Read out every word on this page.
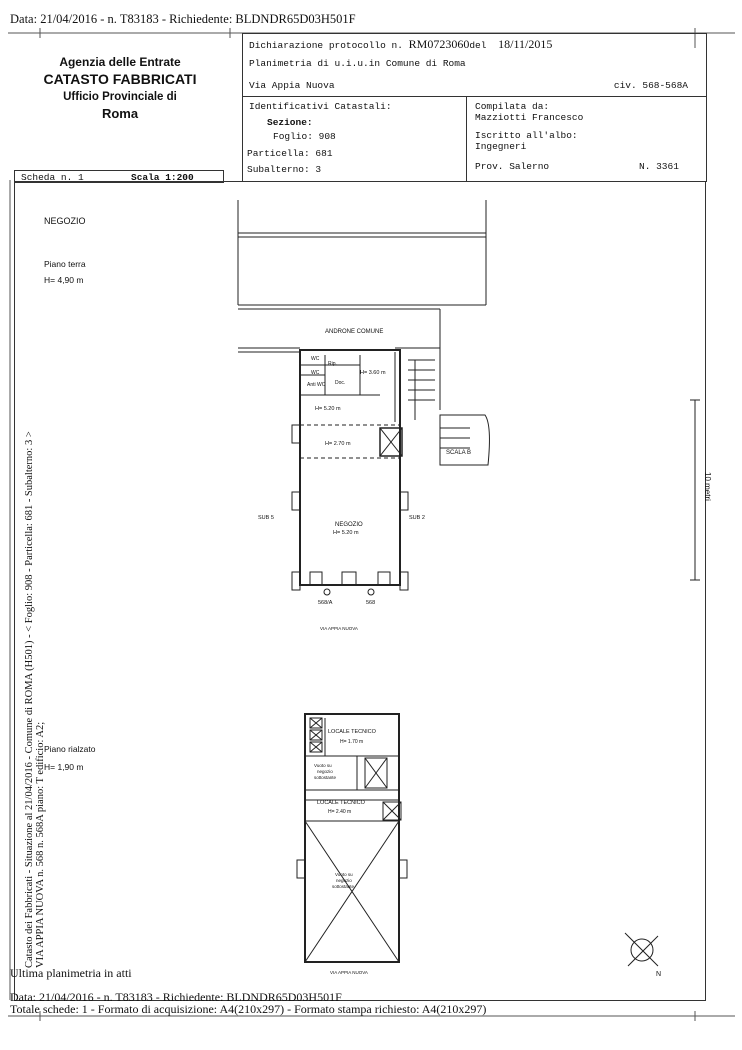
Data: 21/04/2016 - n. T83183 - Richiedente: BLDNDR65D03H501F
Agenzia delle Entrate
CATASTO FABBRICATI
Ufficio Provinciale di
Roma
Dichiarazione protocollo n. RM0723060del 18/11/2015
Planimetria di u.i.u.in Comune di Roma
Via Appia Nuova	civ. 568-568A
Identificativi Catastali:
Sezione:
Foglio: 908
Particella: 681
Subalterno: 3
Compilata da:
Mazziotti Francesco
Iscritto all'albo:
Ingegneri
Prov. Salerno	N. 3361
Scheda n. 1	Scala 1:200
NEGOZIO
Piano terra
H= 4,90 m
Piano rialzato
H= 1,90 m
ANDRONE COMUNE
WC
Rip.
WC
Doc.
Anti WC
H= 3.60 m
H= 5.20 m
H= 2.70 m
SCALA B
SUB 5	SUB 2
NEGOZIO
H= 5.20 m
568/A	568
VIA APPIA NUOVA
LOCALE TECNICO
H= 1.70 m
Vuoto su
negozio
sottostante
LOCALE TECNICO
H= 2.40 m
Vuoto su
negozio
sottostante
VIA APPIA NUOVA	N
10 metri
Catasto dei Fabbricati - Situazione al 21/04/2016 - Comune di ROMA (H501) - < Foglio: 908 - Particella: 681 - Subalterno: 3 > VIA APPIA NUOVA n. 568 n. 568A piano: T edificio: A2;
Ultima planimetria in atti
Data: 21/04/2016 - n. T83183 - Richiedente: BLDNDR65D03H501F
Totale schede: 1 - Formato di acquisizione: A4(210x297) - Formato stampa richiesto: A4(210x297)
